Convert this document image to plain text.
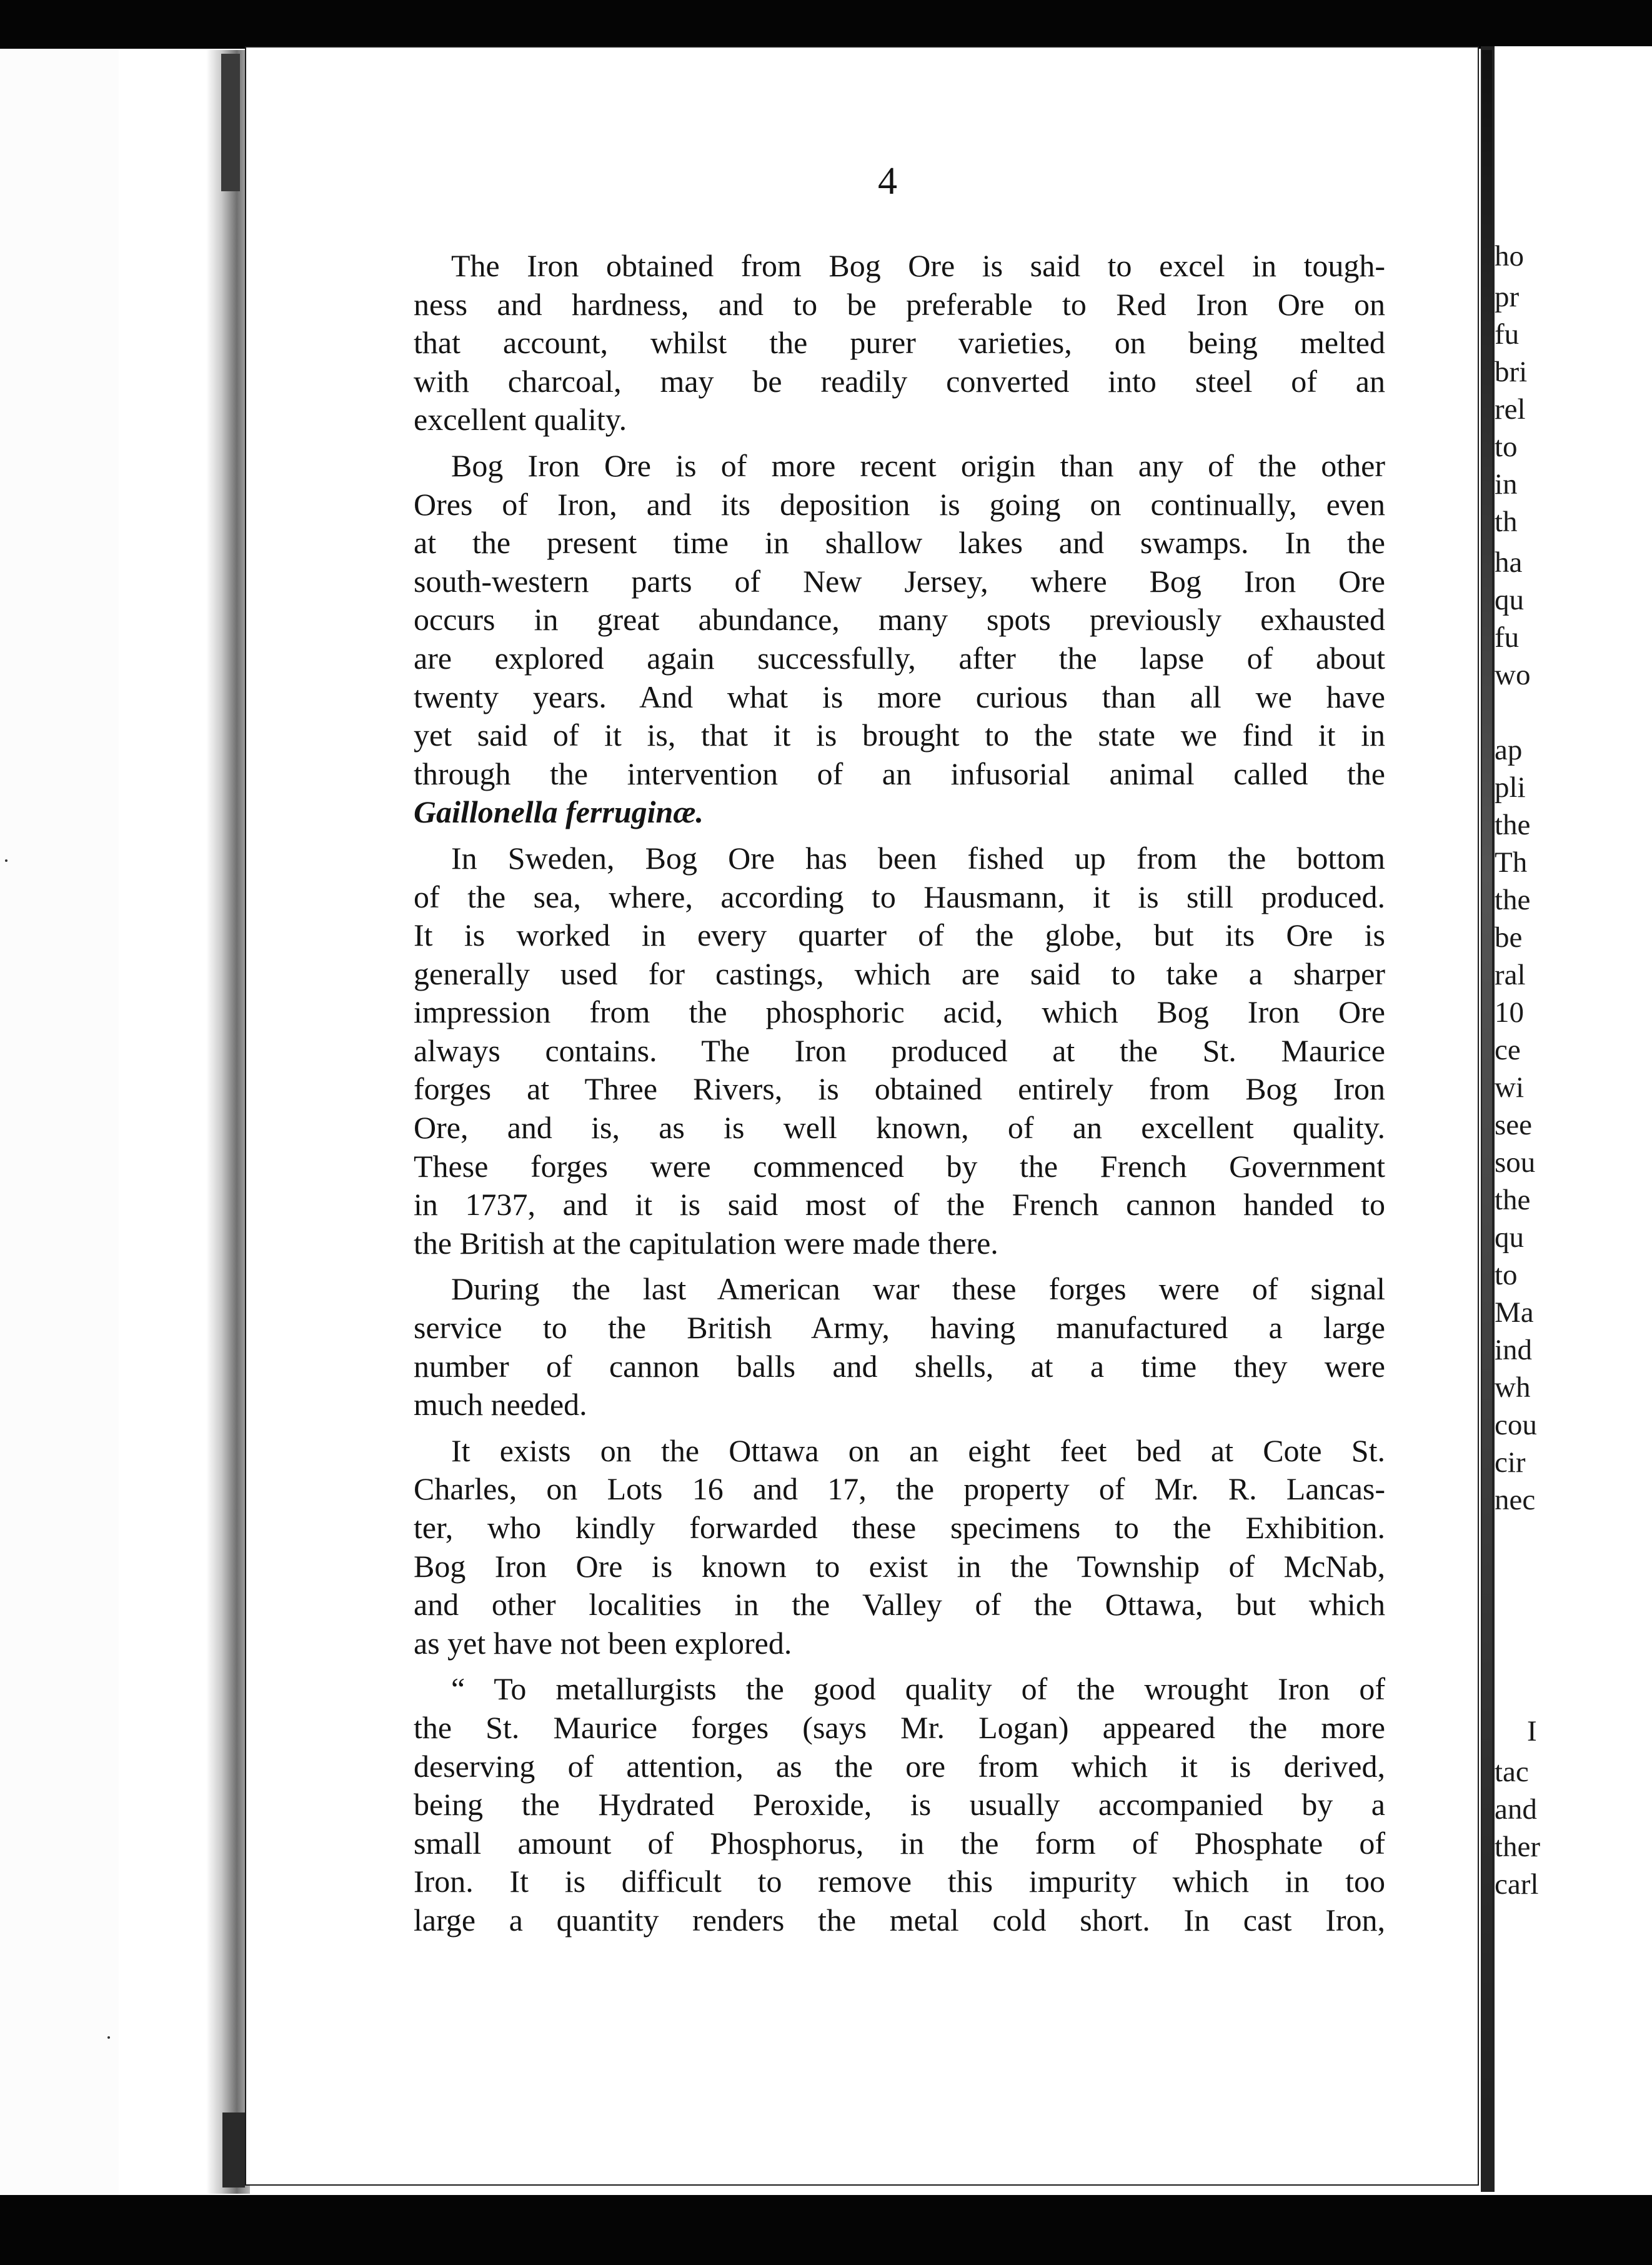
4
The Iron obtained from Bog Ore is said to excel in tough-
ness and hardness, and to be preferable to Red Iron Ore on
that account, whilst the purer varieties, on being melted
with charcoal, may be readily converted into steel of an
excellent quality.
Bog Iron Ore is of more recent origin than any of the other
Ores of Iron, and its deposition is going on continually, even
at the present time in shallow lakes and swamps. In the
south-western parts of New Jersey, where Bog Iron Ore
occurs in great abundance, many spots previously exhausted
are explored again successfully, after the lapse of about
twenty years. And what is more curious than all we have
yet said of it is, that it is brought to the state we find it in
through the intervention of an infusorial animal called the
Gaillonella ferruginæ.
In Sweden, Bog Ore has been fished up from the bottom
of the sea, where, according to Hausmann, it is still produced.
It is worked in every quarter of the globe, but its Ore is
generally used for castings, which are said to take a sharper
impression from the phosphoric acid, which Bog Iron Ore
always contains. The Iron produced at the St. Maurice
forges at Three Rivers, is obtained entirely from Bog Iron
Ore, and is, as is well known, of an excellent quality.
These forges were commenced by the French Government
in 1737, and it is said most of the French cannon handed to
the British at the capitulation were made there.
During the last American war these forges were of signal
service to the British Army, having manufactured a large
number of cannon balls and shells, at a time they were
much needed.
It exists on the Ottawa on an eight feet bed at Cote St.
Charles, on Lots 16 and 17, the property of Mr. R. Lancas-
ter, who kindly forwarded these specimens to the Exhibition.
Bog Iron Ore is known to exist in the Township of McNab,
and other localities in the Valley of the Ottawa, but which
as yet have not been explored.
“ To metallurgists the good quality of the wrought Iron of
the St. Maurice forges (says Mr. Logan) appeared the more
deserving of attention, as the ore from which it is derived,
being the Hydrated Peroxide, is usually accompanied by a
small amount of Phosphorus, in the form of Phosphate of
Iron. It is difficult to remove this impurity which in too
large a quantity renders the metal cold short. In cast Iron,
ho
pr
fu
bri
rel
to
in
th
ha
qu
fu
wo
ap
pli
the
Th
the
be
ral
10
ce
wi
see
sou
the
qu
to
Ma
ind
wh
cou
cir
nec
I
tac
and
ther
carl
